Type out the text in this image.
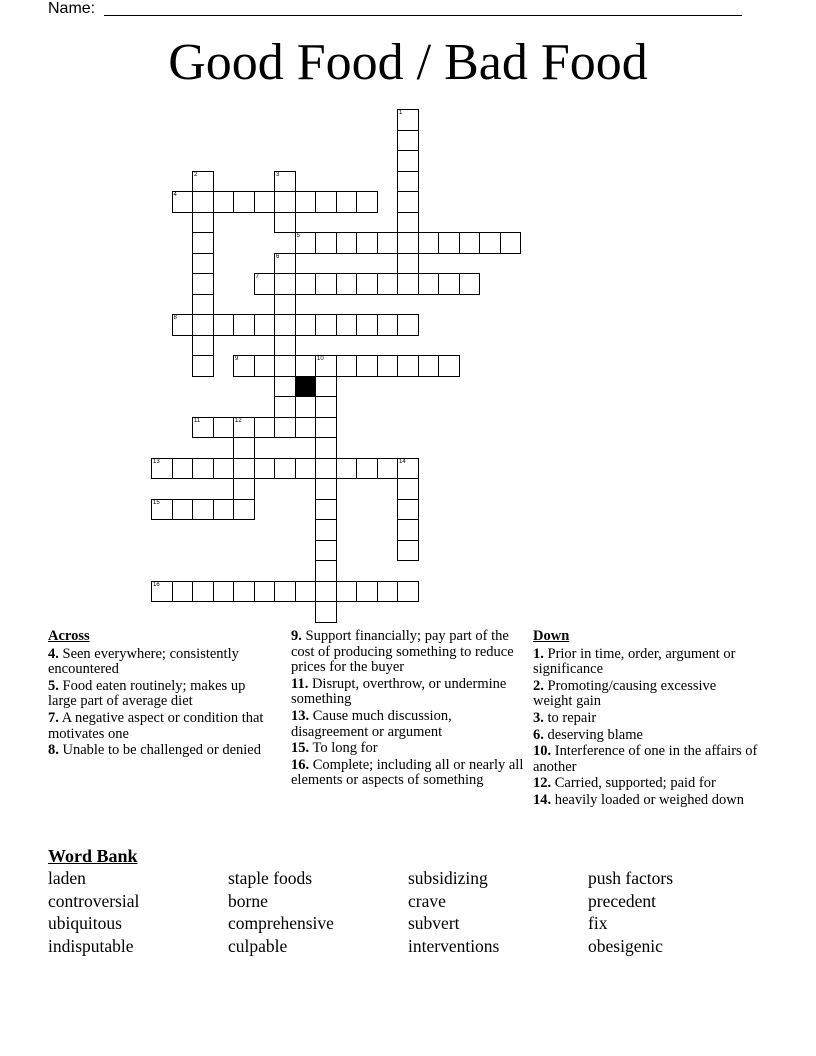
Name:
Good Food / Bad Food
4
5
7
8
9	10
11	12
13	14
15
16
1
2	3
6
Across
4. Seen everywhere; consistently encountered
5. Food eaten routinely; makes up large part of average diet
7. A negative aspect or condition that motivates one
8. Unable to be challenged or denied
9. Support financially; pay part of the cost of producing something to reduce prices for the buyer
11. Disrupt, overthrow, or undermine something
13. Cause much discussion, disagreement or argument
15. To long for
16. Complete; including all or nearly all elements or aspects of something
Down
1. Prior in time, order, argument or significance
2. Promoting/causing excessive weight gain
3. to repair
6. deserving blame
10. Interference of one in the affairs of another
12. Carried, supported; paid for
14. heavily loaded or weighed down
Word Bank
laden
controversial
ubiquitous
indisputable
staple foods
borne
comprehensive
culpable
subsidizing
crave
subvert
interventions
push factors
precedent
fix
obesigenic
